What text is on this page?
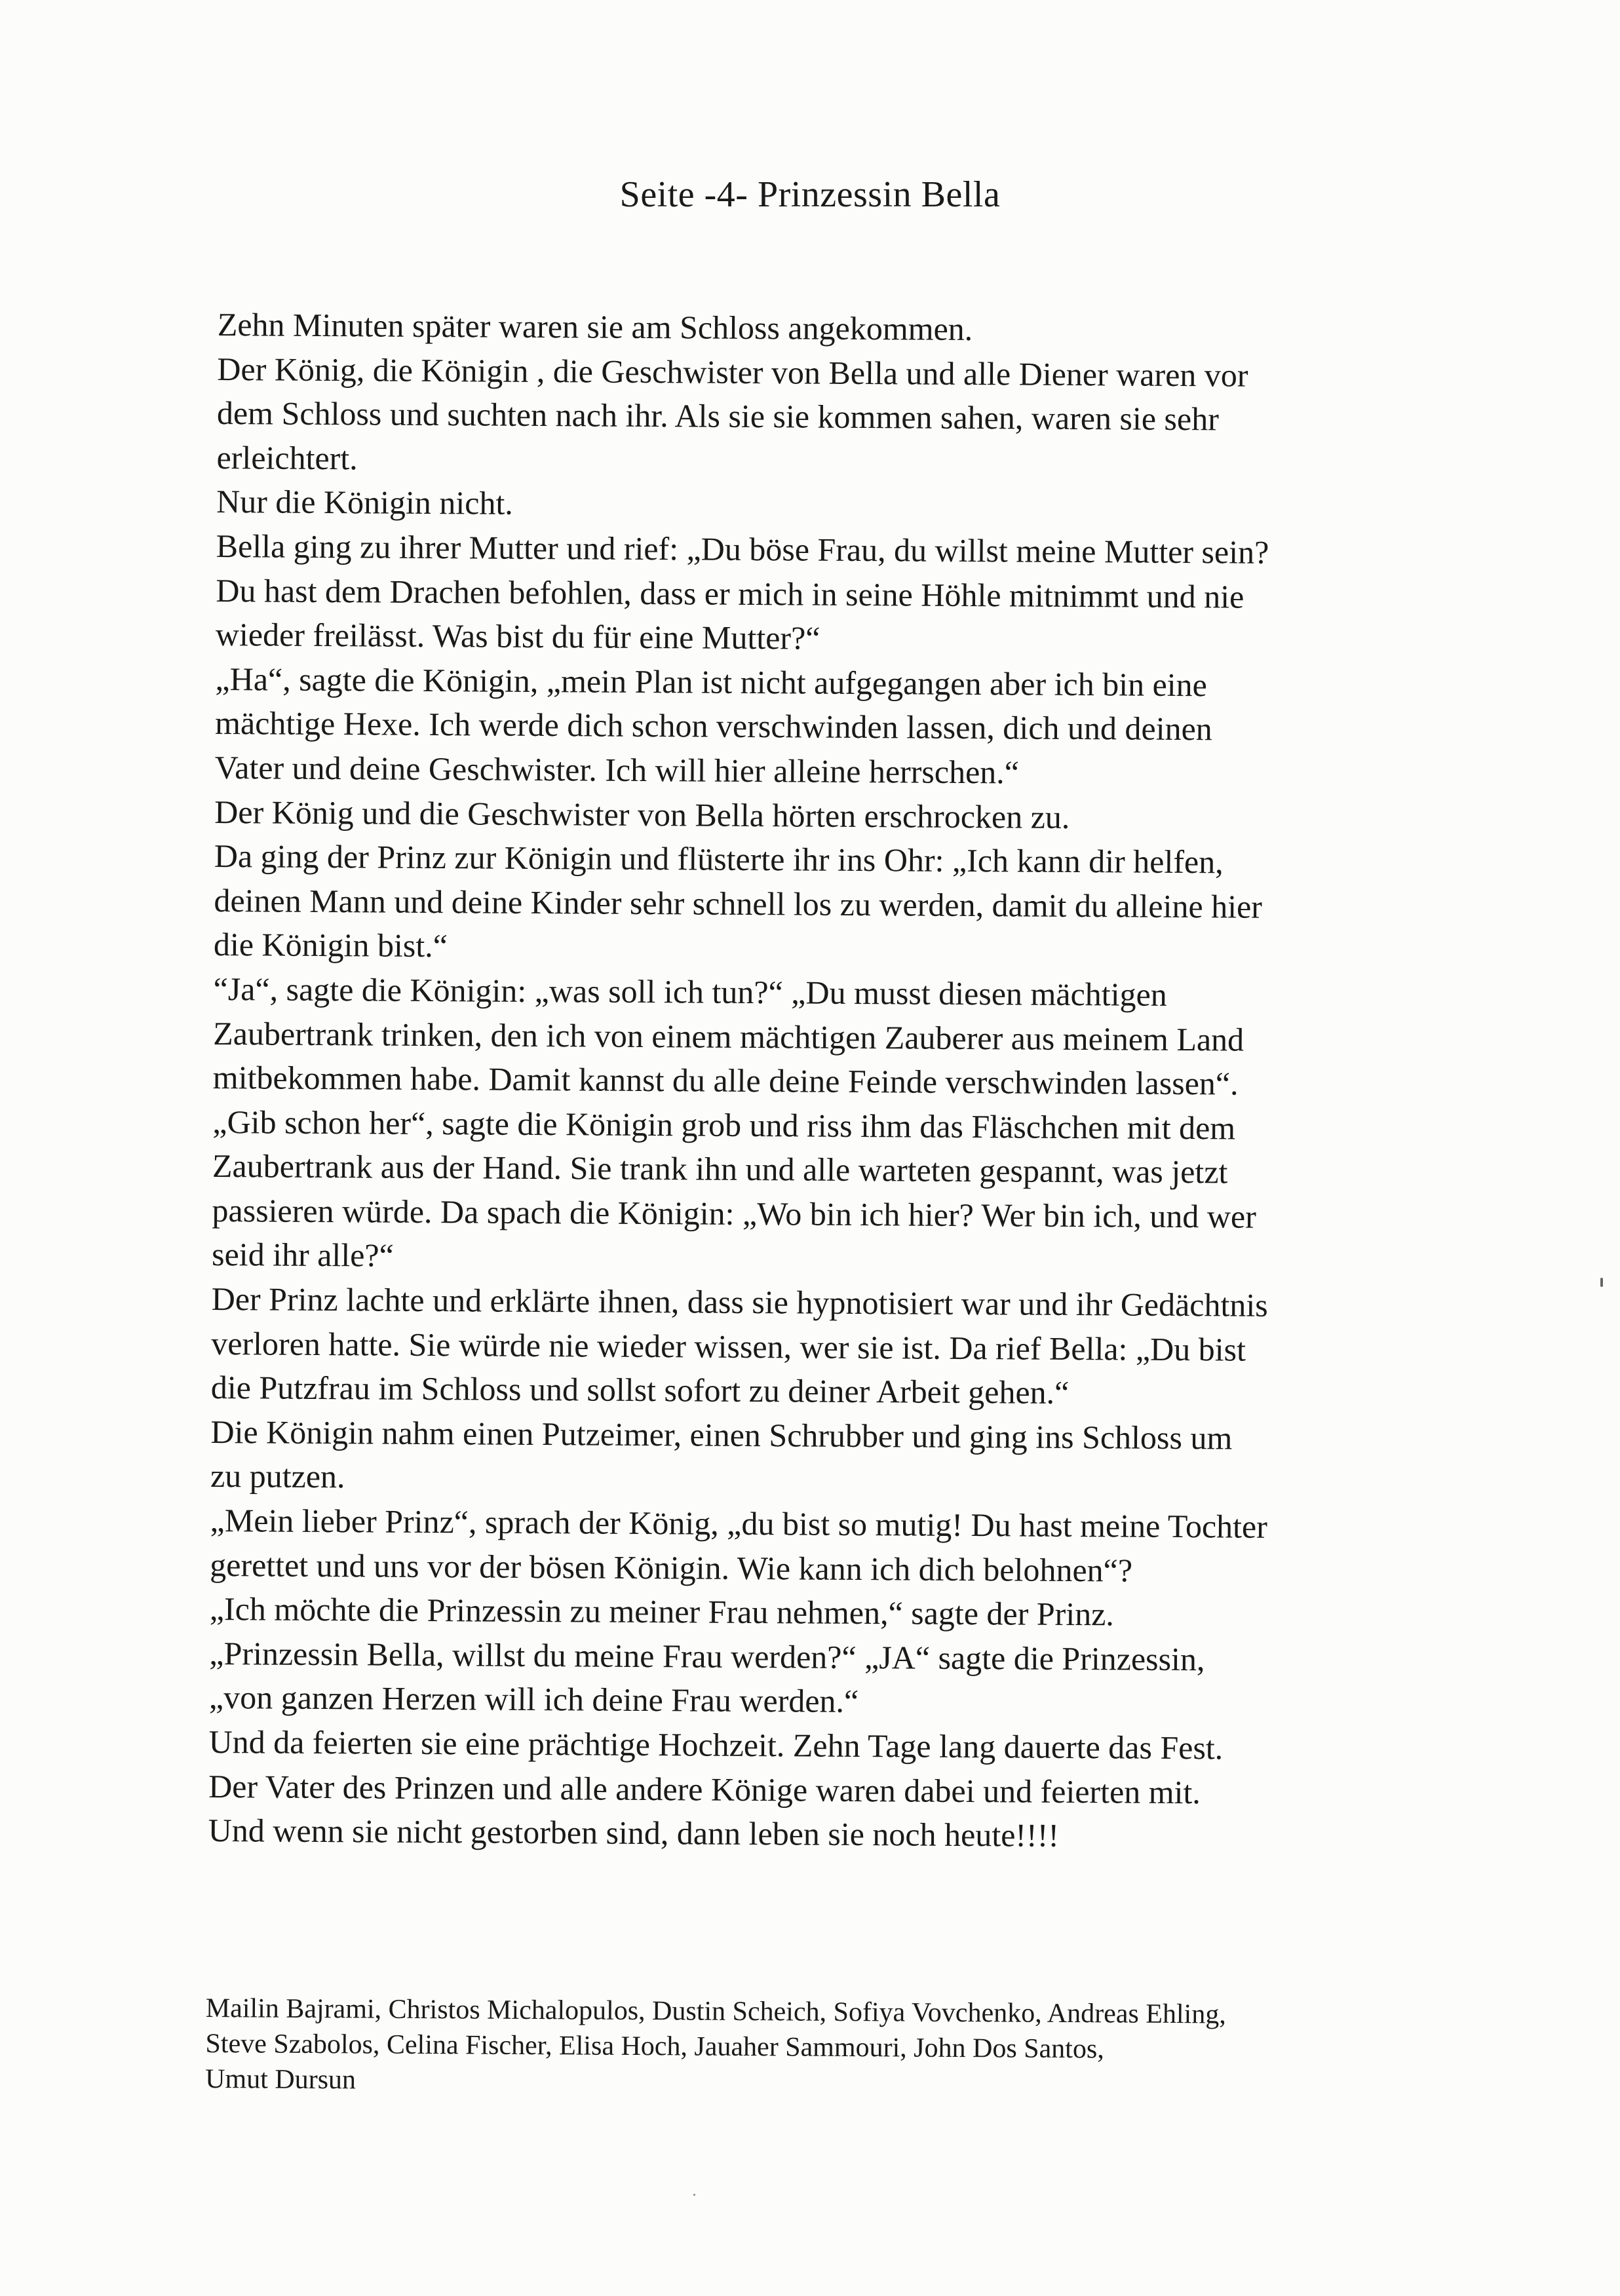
Seite -4- Prinzessin Bella
Zehn Minuten später waren sie am Schloss angekommen.
Der König, die Königin , die Geschwister von Bella und alle Diener waren vor
dem Schloss und suchten nach ihr. Als sie sie kommen sahen, waren sie sehr
erleichtert.
Nur die Königin nicht.
Bella ging zu ihrer Mutter und rief: „Du böse Frau, du willst meine Mutter sein?
Du hast dem Drachen befohlen, dass er mich in seine Höhle mitnimmt und nie
wieder freilässt. Was bist du für eine Mutter?“
„Ha“, sagte die Königin, „mein Plan ist nicht aufgegangen aber ich bin eine
mächtige Hexe. Ich werde dich schon verschwinden lassen, dich und deinen
Vater und deine Geschwister. Ich will hier alleine herrschen.“
Der König und die Geschwister von Bella hörten erschrocken zu.
Da ging der Prinz zur Königin und flüsterte ihr ins Ohr: „Ich kann dir helfen,
deinen Mann und deine Kinder sehr schnell los zu werden, damit du alleine hier
die Königin bist.“
“Ja“, sagte die Königin: „was soll ich tun?“ „Du musst diesen mächtigen
Zaubertrank trinken, den ich von einem mächtigen Zauberer aus meinem Land
mitbekommen habe. Damit kannst du alle deine Feinde verschwinden lassen“.
„Gib schon her“, sagte die Königin grob und riss ihm das Fläschchen mit dem
Zaubertrank aus der Hand. Sie trank ihn und alle warteten gespannt, was jetzt
passieren würde. Da spach die Königin: „Wo bin ich hier? Wer bin ich, und wer
seid ihr alle?“
Der Prinz lachte und erklärte ihnen, dass sie hypnotisiert war und ihr Gedächtnis
verloren hatte. Sie würde nie wieder wissen, wer sie ist. Da rief Bella: „Du bist
die Putzfrau im Schloss und sollst sofort zu deiner Arbeit gehen.“
Die Königin nahm einen Putzeimer, einen Schrubber und ging ins Schloss um
zu putzen.
„Mein lieber Prinz“, sprach der König, „du bist so mutig! Du hast meine Tochter
gerettet und uns vor der bösen Königin. Wie kann ich dich belohnen“?
„Ich möchte die Prinzessin zu meiner Frau nehmen,“ sagte der Prinz.
„Prinzessin Bella, willst du meine Frau werden?“ „JA“ sagte die Prinzessin,
„von ganzen Herzen will ich deine Frau werden.“
Und da feierten sie eine prächtige Hochzeit. Zehn Tage lang dauerte das Fest.
Der Vater des Prinzen und alle andere Könige waren dabei und feierten mit.
Und wenn sie nicht gestorben sind, dann leben sie noch heute!!!!
Mailin Bajrami, Christos Michalopulos, Dustin Scheich, Sofiya Vovchenko, Andreas Ehling,
Steve Szabolos, Celina Fischer, Elisa Hoch, Jauaher Sammouri, John Dos Santos,
Umut Dursun
